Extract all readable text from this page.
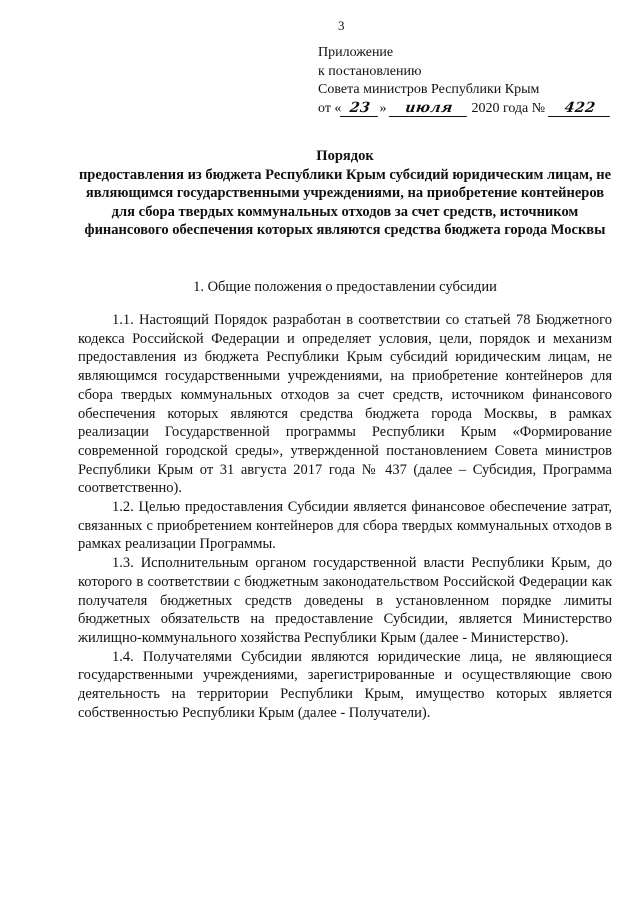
3
Приложение
к постановлению
Совета министров Республики Крым
от « 23 » июля 2020 года № 422
Порядок
предоставления из бюджета Республики Крым субсидий юридическим лицам, не являющимся государственными учреждениями, на приобретение контейнеров для сбора твердых коммунальных отходов за счет средств, источником финансового обеспечения которых являются средства бюджета города Москвы
1. Общие положения о предоставлении субсидии

1.1. Настоящий Порядок разработан в соответствии со статьей 78 Бюджетного кодекса Российской Федерации и определяет условия, цели, порядок и механизм предоставления из бюджета Республики Крым субсидий юридическим лицам, не являющимся государственными учреждениями, на приобретение контейнеров для сбора твердых коммунальных отходов за счет средств, источником финансового обеспечения которых являются средства бюджета города Москвы, в рамках реализации Государственной программы Республики Крым «Формирование современной городской среды», утвержденной постановлением Совета министров Республики Крым от 31 августа 2017 года № 437 (далее – Субсидия, Программа соответственно).

1.2. Целью предоставления Субсидии является финансовое обеспечение затрат, связанных с приобретением контейнеров для сбора твердых коммунальных отходов в рамках реализации Программы.

1.3. Исполнительным органом государственной власти Республики Крым, до которого в соответствии с бюджетным законодательством Российской Федерации как получателя бюджетных средств доведены в установленном порядке лимиты бюджетных обязательств на предоставление Субсидии, является Министерство жилищно-коммунального хозяйства Республики Крым (далее - Министерство).

1.4. Получателями Субсидии являются юридические лица, не являющиеся государственными учреждениями, зарегистрированные и осуществляющие свою деятельность на территории Республики Крым, имущество которых является собственностью Республики Крым (далее - Получатели).
